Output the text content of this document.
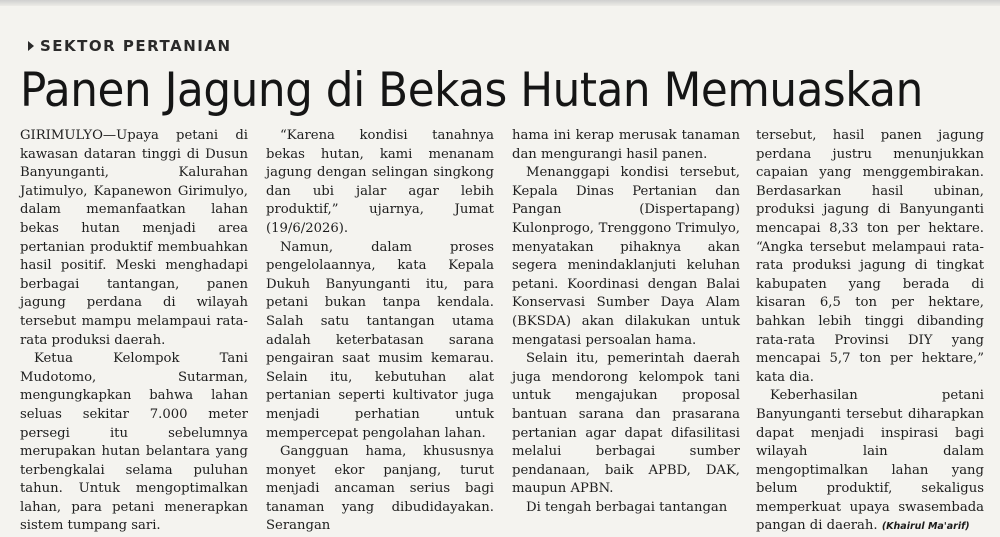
SEKTOR PERTANIAN
Panen Jagung di Bekas Hutan Memuaskan

GIRIMULYO—Upaya petani di kawasan dataran tinggi di Dusun Banyunganti, Kalurahan Jatimulyo, Kapanewon Girimulyo, dalam memanfaatkan lahan bekas hutan menjadi area pertanian produktif membuahkan hasil positif. Meski menghadapi berbagai tantangan, panen jagung perdana di wilayah tersebut mampu melampaui rata-rata produksi daerah.

Ketua Kelompok Tani Mudotomo, Sutarman, mengungkapkan bahwa lahan seluas sekitar 7.000 meter persegi itu sebelumnya merupakan hutan belantara yang terbengkalai selama puluhan tahun. Untuk mengoptimalkan lahan, para petani menerapkan sistem tumpang sari.

“Karena kondisi tanahnya bekas hutan, kami menanam jagung dengan selingan singkong dan ubi jalar agar lebih produktif,” ujarnya, Jumat (19/6/2026).

Namun, dalam proses pengelolaannya, kata Kepala Dukuh Banyunganti itu, para petani bukan tanpa kendala. Salah satu tantangan utama adalah keterbatasan sarana pengairan saat musim kemarau. Selain itu, kebutuhan alat pertanian seperti kultivator juga menjadi perhatian untuk mempercepat pengolahan lahan.

Gangguan hama, khususnya monyet ekor panjang, turut menjadi ancaman serius bagi tanaman yang dibudidayakan. Serangan

hama ini kerap merusak tanaman dan mengurangi hasil panen.

Menanggapi kondisi tersebut, Kepala Dinas Pertanian dan Pangan (Dispertapang) Kulonprogo, Trenggono Trimulyo, menyatakan pihaknya akan segera menindaklanjuti keluhan petani. Koordinasi dengan Balai Konservasi Sumber Daya Alam (BKSDA) akan dilakukan untuk mengatasi persoalan hama.

Selain itu, pemerintah daerah juga mendorong kelompok tani untuk mengajukan proposal bantuan sarana dan prasarana pertanian agar dapat difasilitasi melalui berbagai sumber pendanaan, baik APBD, DAK, maupun APBN.

Di tengah berbagai tantangan

tersebut, hasil panen jagung perdana justru menunjukkan capaian yang menggembirakan. Berdasarkan hasil ubinan, produksi jagung di Banyunganti mencapai 8,33 ton per hektare. “Angka tersebut melampaui rata-rata produksi jagung di tingkat kabupaten yang berada di kisaran 6,5 ton per hektare, bahkan lebih tinggi dibanding rata-rata Provinsi DIY yang mencapai 5,7 ton per hektare,” kata dia.

Keberhasilan petani Banyunganti tersebut diharapkan dapat menjadi inspirasi bagi wilayah lain dalam mengoptimalkan lahan yang belum produktif, sekaligus memperkuat upaya swasembada pangan di daerah. (Khairul Ma'arif)
